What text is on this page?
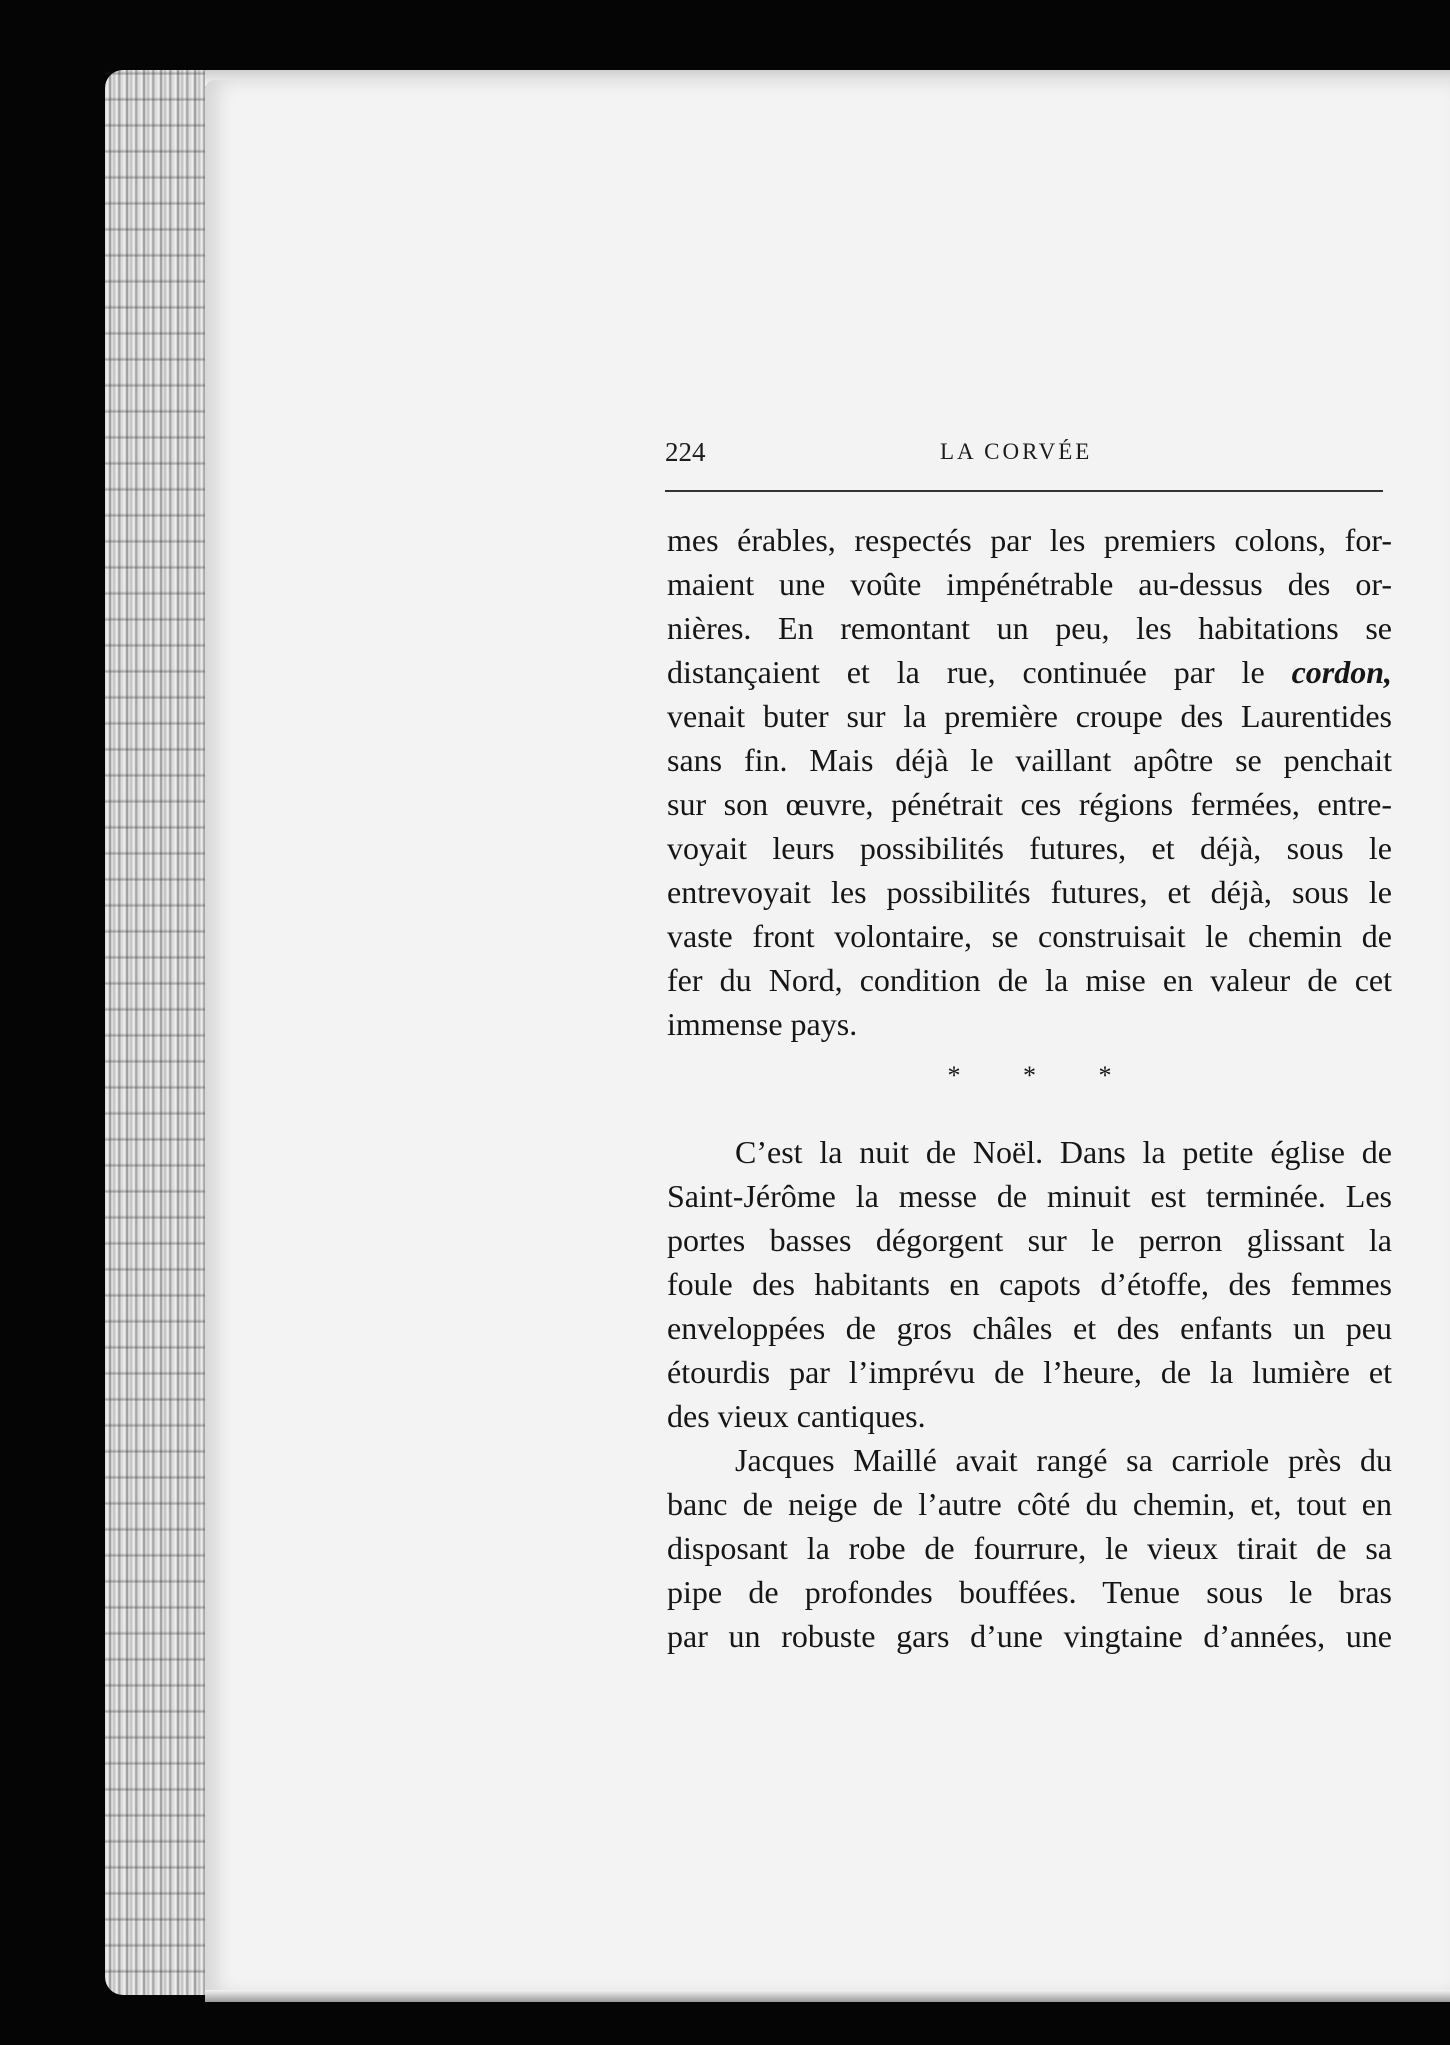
224	LA CORVÉE
mes érables, respectés par les premiers colons, for-
maient une voûte impénétrable au-dessus des or-
nières. En remontant un peu, les habitations se
distançaient et la rue, continuée par le cordon,
venait buter sur la première croupe des Laurentides
sans fin. Mais déjà le vaillant apôtre se penchait
sur son œuvre, pénétrait ces régions fermées, entre-
voyait leurs possibilités futures, et déjà, sous le
entrevoyait les possibilités futures, et déjà, sous le
vaste front volontaire, se construisait le chemin de
fer du Nord, condition de la mise en valeur de cet
immense pays.
* * *
C’est la nuit de Noël. Dans la petite église de
Saint-Jérôme la messe de minuit est terminée. Les
portes basses dégorgent sur le perron glissant la
foule des habitants en capots d’étoffe, des femmes
enveloppées de gros châles et des enfants un peu
étourdis par l’imprévu de l’heure, de la lumière et
des vieux cantiques.
Jacques Maillé avait rangé sa carriole près du
banc de neige de l’autre côté du chemin, et, tout en
disposant la robe de fourrure, le vieux tirait de sa
pipe de profondes bouffées. Tenue sous le bras
par un robuste gars d’une vingtaine d’années, une
